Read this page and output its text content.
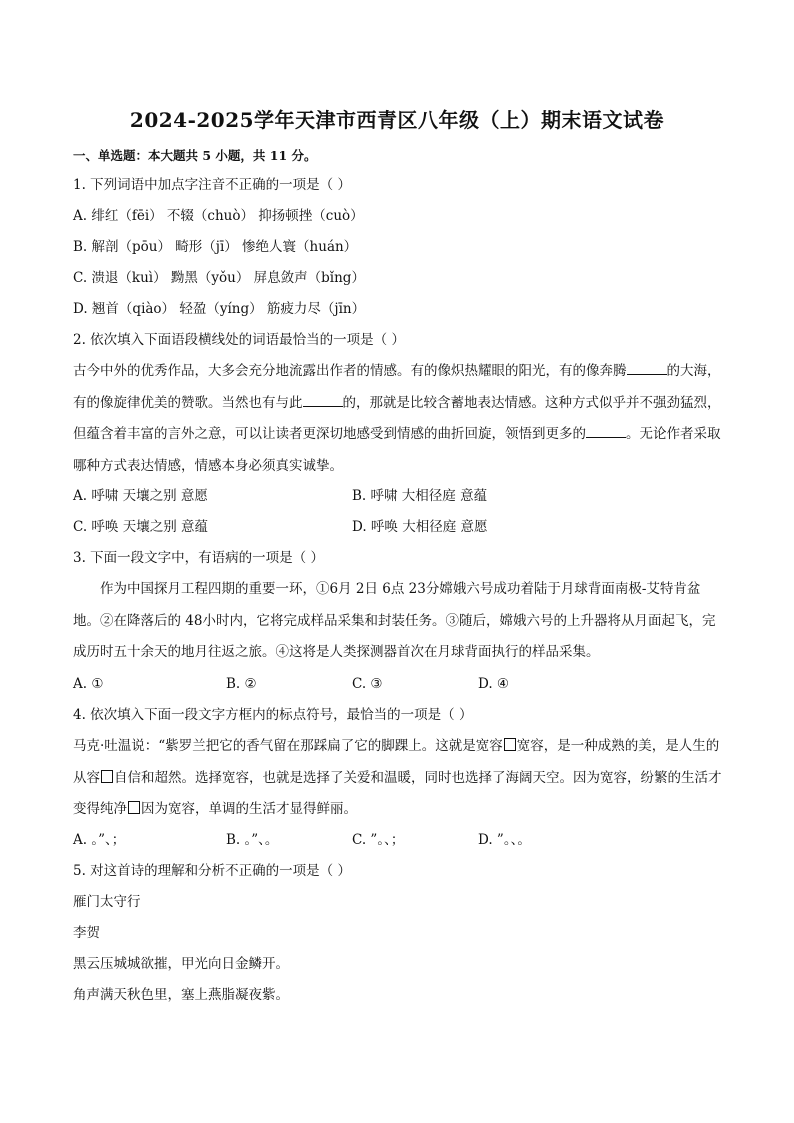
2024-2025学年天津市西青区八年级（上）期末语文试卷
一、单选题：本大题共 5 小题，共 11 分。
1. 下列词语中加点字注音不正确的一项是（ ）
A. 绯红（fēi） 不辍（chuò） 抑扬顿挫（cuò）
B. 解剖（pōu） 畸形（jī） 惨绝人寰（huán）
C. 溃退（kuì） 黝黑（yǒu） 屏息敛声（bǐng）
D. 翘首（qiào） 轻盈（yíng） 筋疲力尽（jīn）
2. 依次填入下面语段横线处的词语最恰当的一项是（ ）
古今中外的优秀作品，大多会充分地流露出作者的情感。有的像炽热耀眼的阳光，有的像奔腾	的大海，有的像旋律优美的赞歌。当然也有与此	的，那就是比较含蓄地表达情感。这种方式似乎并不强劲猛烈，但蕴含着丰富的言外之意，可以让读者更深切地感受到情感的曲折回旋，领悟到更多的	。无论作者采取哪种方式表达情感，情感本身必须真实诚挚。
A. 呼啸 天壤之别 意愿	B. 呼啸 大相径庭 意蕴
C. 呼唤 天壤之别 意蕴	D. 呼唤 大相径庭 意愿
3. 下面一段文字中，有语病的一项是（ ）
作为中国探月工程四期的重要一环，①6月 2日 6点 23分嫦娥六号成功着陆于月球背面南极-艾特肯盆地。②在降落后的 48小时内，它将完成样品采集和封装任务。③随后，嫦娥六号的上升器将从月面起飞，完成历时五十余天的地月往返之旅。④这将是人类探测器首次在月球背面执行的样品采集。
A. ①	B. ②	C. ③	D. ④
4. 依次填入下面一段文字方框内的标点符号，最恰当的一项是（ ）
马克·吐温说：“紫罗兰把它的香气留在那踩扁了它的脚踝上。这就是宽容 宽容，是一种成熟的美，是人生的从容 自信和超然。选择宽容，也就是选择了关爱和温暖，同时也选择了海阔天空。因为宽容，纷繁的生活才变得纯净 因为宽容，单调的生活才显得鲜丽。
A. 。”、；	B. 。”、。	C. ”。、；	D. ”。、。
5. 对这首诗的理解和分析不正确的一项是（ ）
雁门太守行
李贺
黑云压城城欲摧，甲光向日金鳞开。
角声满天秋色里，塞上燕脂凝夜紫。
